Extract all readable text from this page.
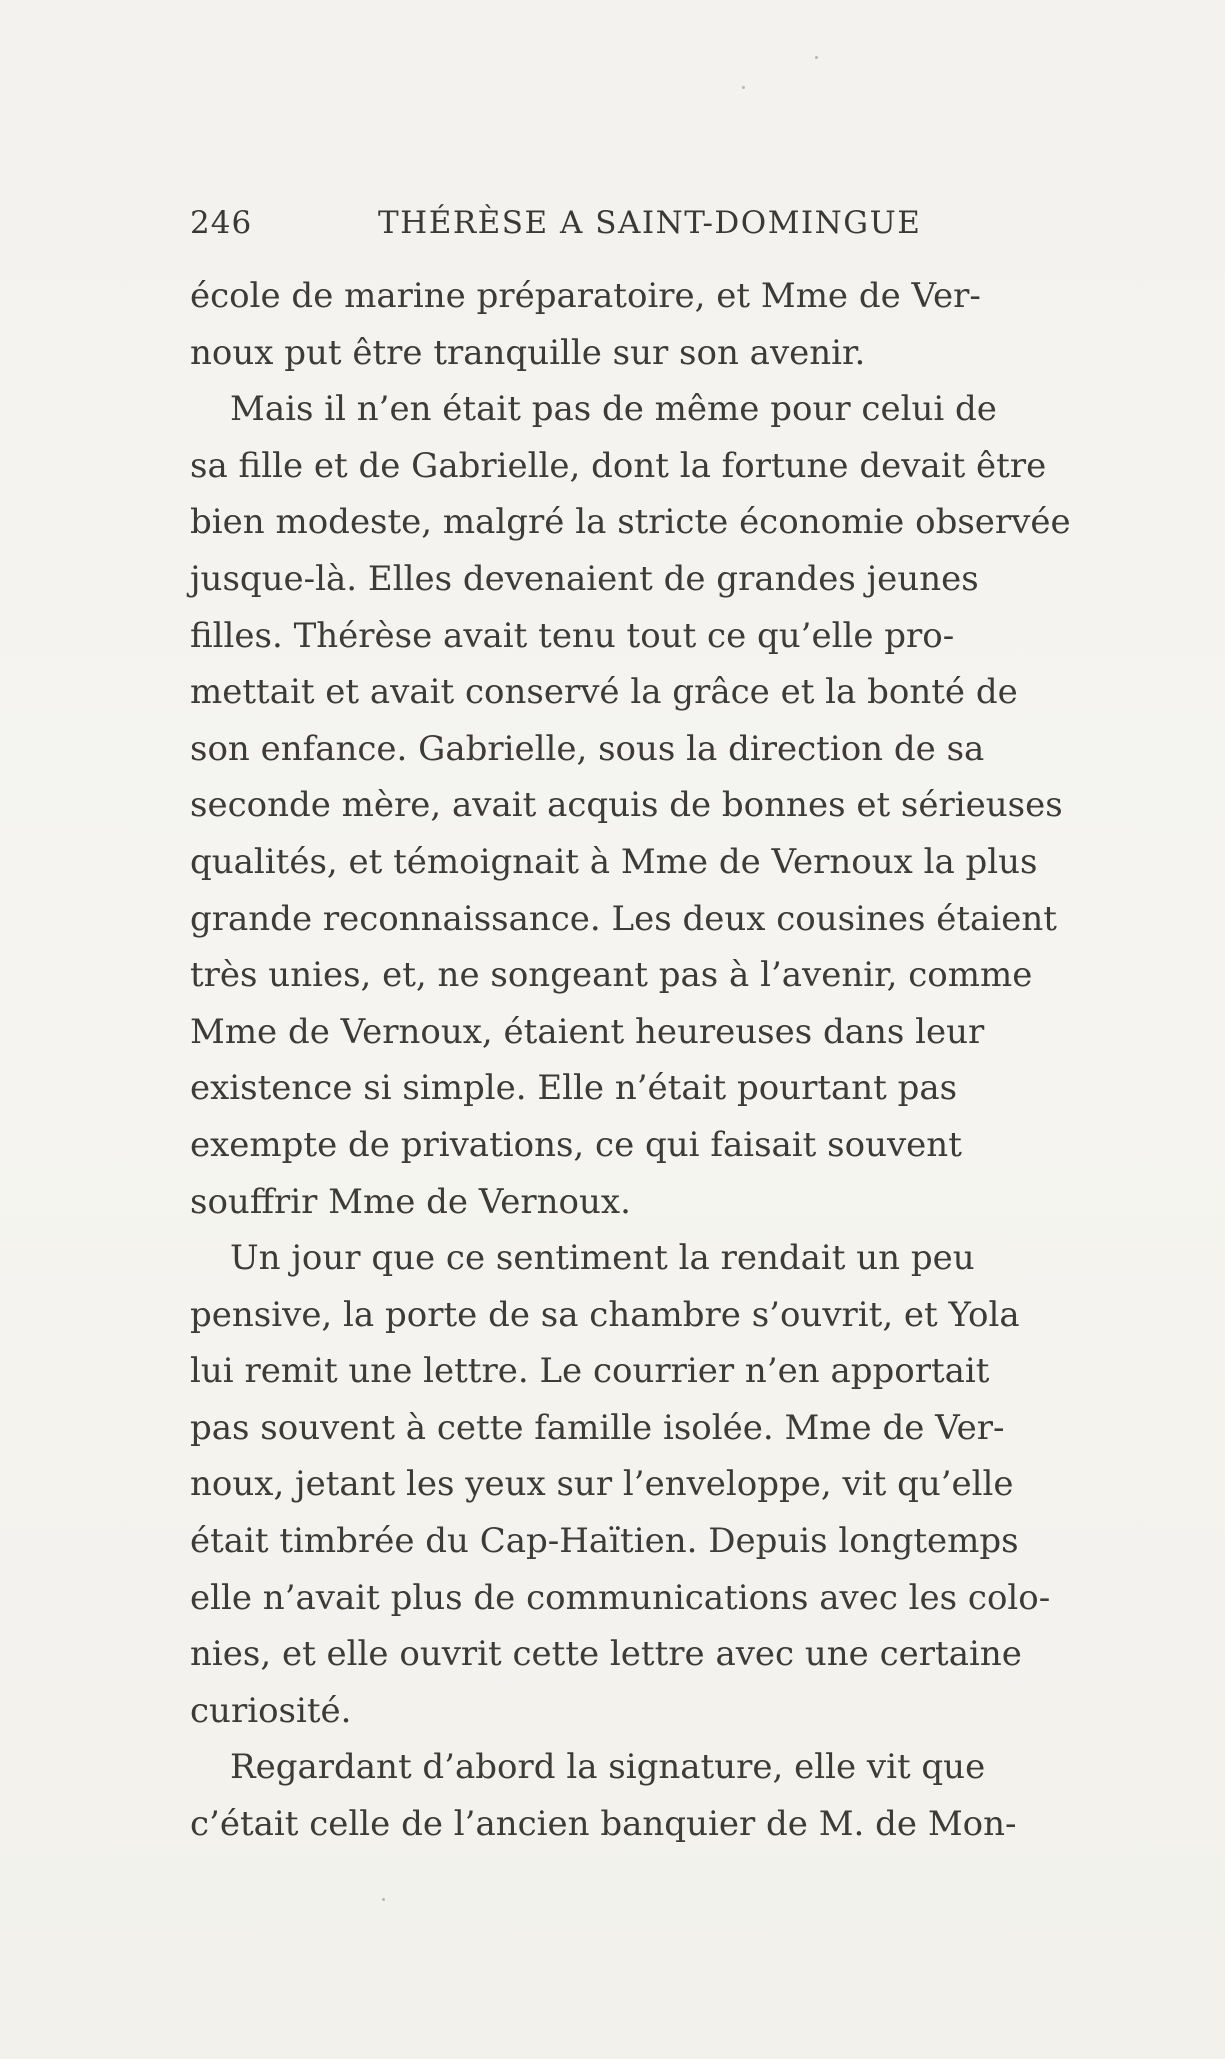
246	THÉRÈSE A SAINT-DOMINGUE

école de marine préparatoire, et Mme de Ver-
noux put être tranquille sur son avenir.

Mais il n’en était pas de même pour celui de
sa fille et de Gabrielle, dont la fortune devait être
bien modeste, malgré la stricte économie observée
jusque-là. Elles devenaient de grandes jeunes
filles. Thérèse avait tenu tout ce qu’elle pro-
mettait et avait conservé la grâce et la bonté de
son enfance. Gabrielle, sous la direction de sa
seconde mère, avait acquis de bonnes et sérieuses
qualités, et témoignait à Mme de Vernoux la plus
grande reconnaissance. Les deux cousines étaient
très unies, et, ne songeant pas à l’avenir, comme
Mme de Vernoux, étaient heureuses dans leur
existence si simple. Elle n’était pourtant pas
exempte de privations, ce qui faisait souvent
souffrir Mme de Vernoux.

Un jour que ce sentiment la rendait un peu
pensive, la porte de sa chambre s’ouvrit, et Yola
lui remit une lettre. Le courrier n’en apportait
pas souvent à cette famille isolée. Mme de Ver-
noux, jetant les yeux sur l’enveloppe, vit qu’elle
était timbrée du Cap-Haïtien. Depuis longtemps
elle n’avait plus de communications avec les colo-
nies, et elle ouvrit cette lettre avec une certaine
curiosité.

Regardant d’abord la signature, elle vit que
c’était celle de l’ancien banquier de M. de Mon-
